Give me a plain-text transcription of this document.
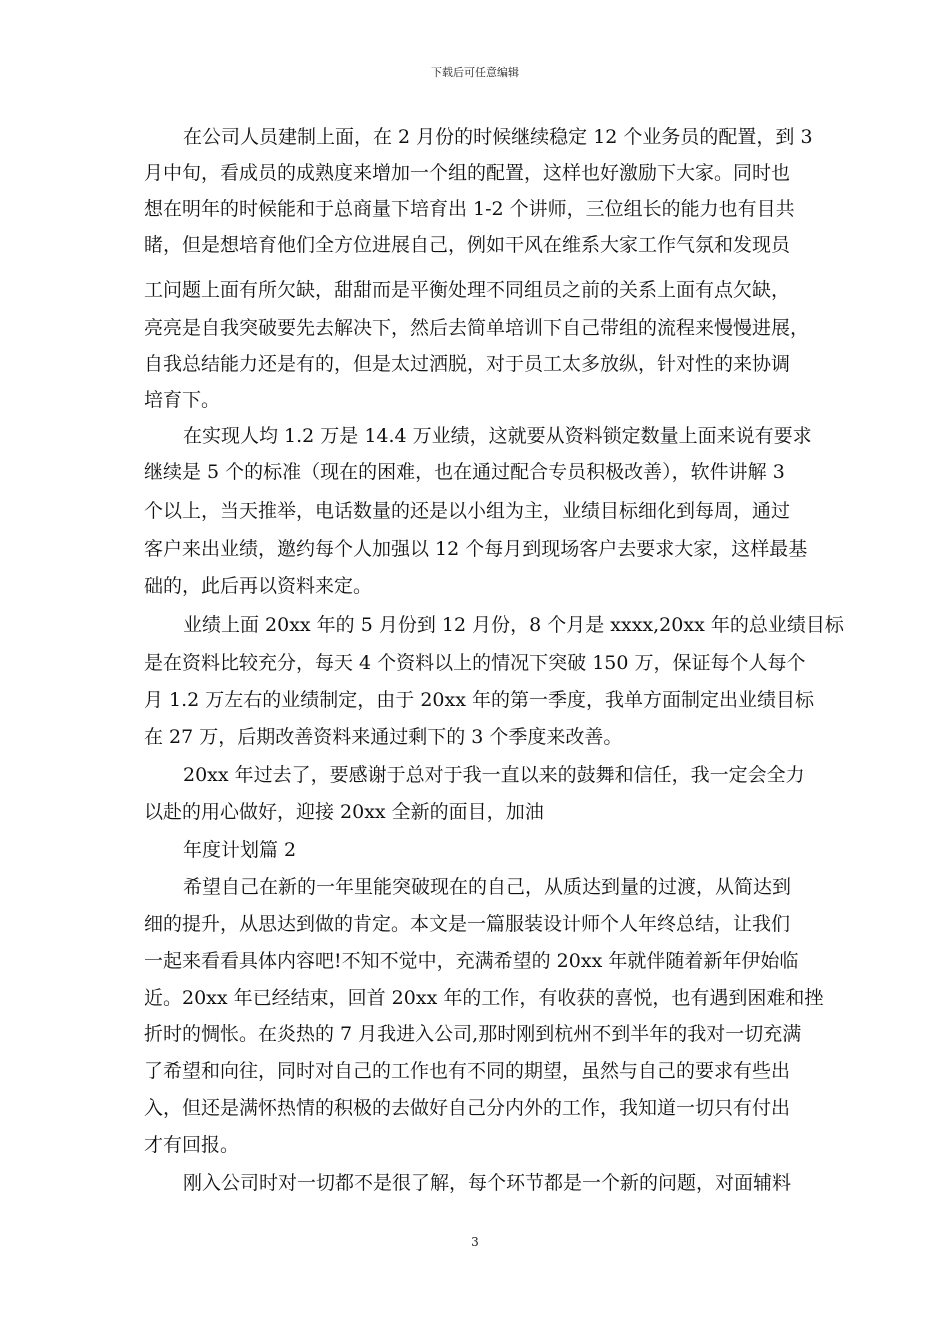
下载后可任意编辑
在公司人员建制上面，在 2 月份的时候继续稳定 12 个业务员的配置，到 3
月中旬，看成员的成熟度来增加一个组的配置，这样也好激励下大家。同时也
想在明年的时候能和于总商量下培育出 1-2 个讲师，三位组长的能力也有目共
睹，但是想培育他们全方位进展自己，例如干风在维系大家工作气氛和发现员
工问题上面有所欠缺，甜甜而是平衡处理不同组员之前的关系上面有点欠缺，
亮亮是自我突破要先去解决下，然后去简单培训下自己带组的流程来慢慢进展，
自我总结能力还是有的，但是太过洒脱，对于员工太多放纵，针对性的来协调
培育下。
在实现人均 1.2 万是 14.4 万业绩，这就要从资料锁定数量上面来说有要求
继续是 5 个的标准（现在的困难，也在通过配合专员积极改善），软件讲解 3
个以上，当天推举，电话数量的还是以小组为主，业绩目标细化到每周，通过
客户来出业绩，邀约每个人加强以 12 个每月到现场客户去要求大家，这样最基
础的，此后再以资料来定。
业绩上面 20xx 年的 5 月份到 12 月份，8 个月是 xxxx,20xx 年的总业绩目标
是在资料比较充分，每天 4 个资料以上的情况下突破 150 万，保证每个人每个
月 1.2 万左右的业绩制定，由于 20xx 年的第一季度，我单方面制定出业绩目标
在 27 万，后期改善资料来通过剩下的 3 个季度来改善。
20xx 年过去了，要感谢于总对于我一直以来的鼓舞和信任，我一定会全力
以赴的用心做好，迎接 20xx 全新的面目，加油
年度计划篇 2
希望自己在新的一年里能突破现在的自己，从质达到量的过渡，从简达到
细的提升，从思达到做的肯定。本文是一篇服装设计师个人年终总结，让我们
一起来看看具体内容吧!不知不觉中，充满希望的 20xx 年就伴随着新年伊始临
近。20xx 年已经结束，回首 20xx 年的工作，有收获的喜悦，也有遇到困难和挫
折时的惆怅。在炎热的 7 月我进入公司,那时刚到杭州不到半年的我对一切充满
了希望和向往，同时对自己的工作也有不同的期望，虽然与自己的要求有些出
入，但还是满怀热情的积极的去做好自己分内外的工作，我知道一切只有付出
才有回报。
刚入公司时对一切都不是很了解，每个环节都是一个新的问题，对面辅料
3
